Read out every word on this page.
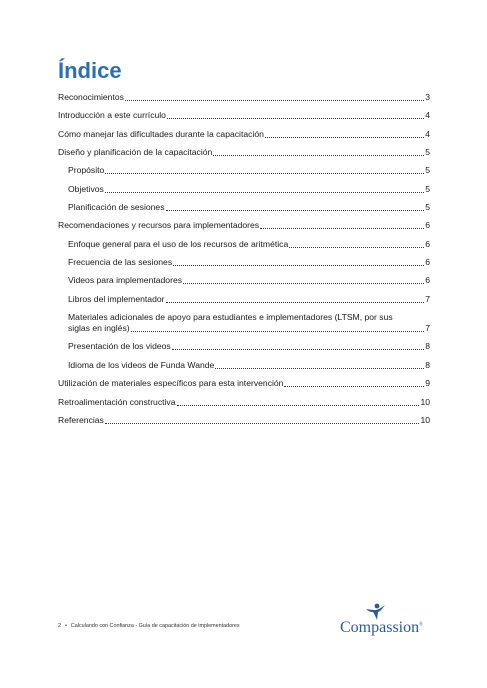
Índice
Reconocimientos	3
Introducción a este currículo	4
Cómo manejar las dificultades durante la capacitación	4
Diseño y planificación de la capacitación	5
Propósito	5
Objetivos	5
Planificación de sesiones	5
Recomendaciones y recursos para implementadores	6
Enfoque general para el uso de los recursos de aritmética	6
Frecuencia de las sesiones	6
Videos para implementadores	6
Libros del implementador	7
Materiales adicionales de apoyo para estudiantes e implementadores (LTSM, por sus
siglas en inglés)	7
Presentación de los videos	8
Idioma de los videos de Funda Wande	8
Utilización de materiales específicos para esta intervención	9
Retroalimentación constructiva	10
Referencias	10
2 • Calculando con Confianza - Guía de capacitación de implementadores	Compassion®
